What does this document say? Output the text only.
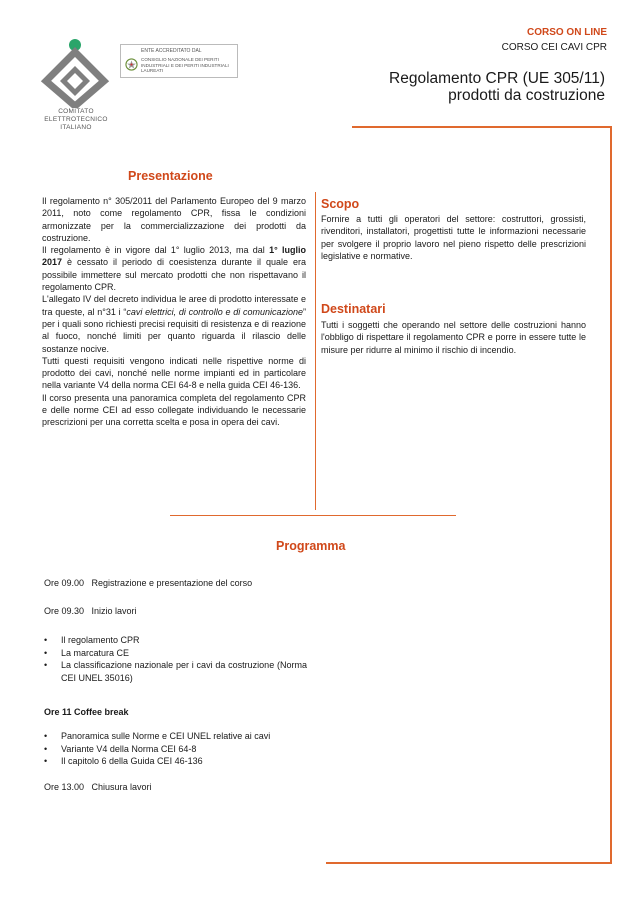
COMITATO
ELETTROTECNICO
ITALIANO
ENTE ACCREDITATO DAL
CONSIGLIO NAZIONALE DEI PERITI INDUSTRIALI E DEI PERITI INDUSTRIALI LAUREATI
CORSO ON LINE
CORSO CEI CAVI CPR
Regolamento CPR (UE 305/11)
prodotti da costruzione
Presentazione

Il regolamento n° 305/2011 del Parlamento Europeo del 9 marzo 2011, noto come regolamento CPR, fissa le condizioni armonizzate per la commercializzazione dei prodotti da costruzione.

Il regolamento è in vigore dal 1° luglio 2013, ma dal 1° luglio 2017 è cessato il periodo di coesistenza durante il quale era possibile immettere sul mercato prodotti che non rispettavano il regolamento CPR.

L'allegato IV del decreto individua le aree di prodotto interessate e tra queste, al n°31 i “cavi elettrici, di controllo e di comunicazione” per i quali sono richiesti precisi requisiti di resistenza e di reazione al fuoco, nonché limiti per quanto riguarda il rilascio delle sostanze nocive.

Tutti questi requisiti vengono indicati nelle rispettive norme di prodotto dei cavi, nonché nelle norme impianti ed in particolare nella variante V4 della norma CEI 64-8 e nella guida CEI 46-136.

Il corso presenta una panoramica completa del regolamento CPR e delle norme CEI ad esso collegate individuando le necessarie prescrizioni per una corretta scelta e posa in opera dei cavi.

Scopo
Fornire a tutti gli operatori del settore: costruttori, grossisti, rivenditori, installatori, progettisti tutte le informazioni necessarie per svolgere il proprio lavoro nel pieno rispetto delle prescrizioni legislative e normative.
Destinatari
Tutti i soggetti che operando nel settore delle costruzioni hanno l'obbligo di rispettare il regolamento CPR e porre in essere tutte le misure per ridurre al minimo il rischio di incendio.
Programma
Ore 09.00   Registrazione e presentazione del corso
Ore 09.30   Inizio lavori
• Il regolamento CPR
• La marcatura CE
• La classificazione nazionale per i cavi da costruzione (Norma CEI UNEL 35016)
Ore 11 Coffee break
• Panoramica sulle Norme e CEI UNEL relative ai cavi
• Variante V4 della Norma CEI 64-8
• Il capitolo 6 della Guida CEI 46-136
Ore 13.00   Chiusura lavori
